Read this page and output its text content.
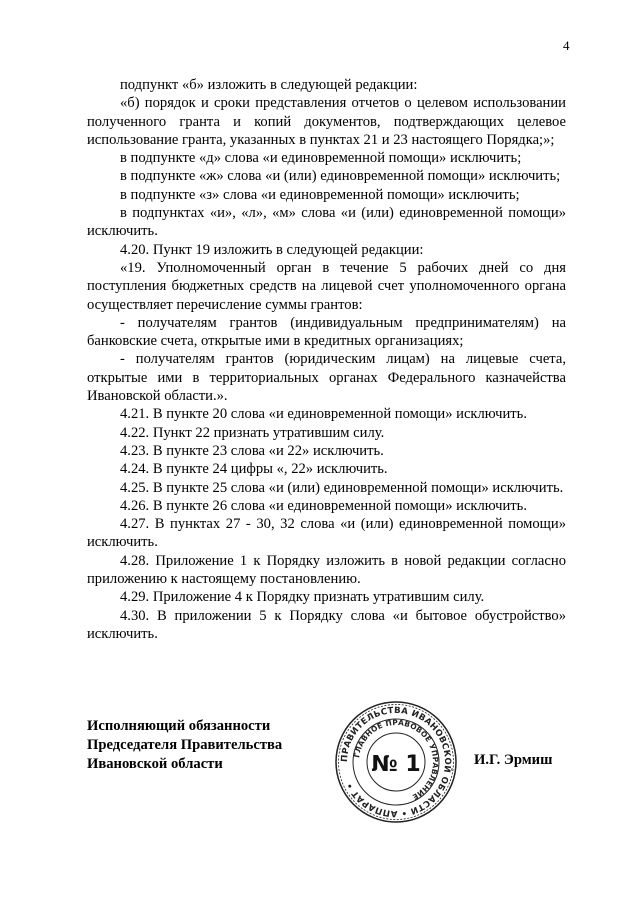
4

подпункт «б» изложить в следующей редакции:

«б) порядок и сроки представления отчетов о целевом использовании полученного гранта и копий документов, подтверждающих целевое использование гранта, указанных в пунктах 21 и 23 настоящего Порядка;»;

в подпункте «д» слова «и единовременной помощи» исключить;

в подпункте «ж» слова «и (или) единовременной помощи» исключить;

в подпункте «з» слова «и единовременной помощи» исключить;

в подпунктах «и», «л», «м» слова «и (или) единовременной помощи» исключить.

4.20. Пункт 19 изложить в следующей редакции:

«19. Уполномоченный орган в течение 5 рабочих дней со дня поступления бюджетных средств на лицевой счет уполномоченного органа осуществляет перечисление суммы грантов:

- получателям грантов (индивидуальным предпринимателям) на банковские счета, открытые ими в кредитных организациях;

- получателям грантов (юридическим лицам) на лицевые счета, открытые ими в территориальных органах Федерального казначейства Ивановской области.».

4.21. В пункте 20 слова «и единовременной помощи» исключить.

4.22. Пункт 22 признать утратившим силу.

4.23. В пункте 23 слова «и 22» исключить.

4.24. В пункте 24 цифры «, 22» исключить.

4.25. В пункте 25 слова «и (или) единовременной помощи» исключить.

4.26. В пункте 26 слова «и единовременной помощи» исключить.

4.27. В пунктах 27 - 30, 32 слова «и (или) единовременной помощи» исключить.

4.28. Приложение 1 к Порядку изложить в новой редакции согласно приложению к настоящему постановлению.

4.29. Приложение 4 к Порядку признать утратившим силу.

4.30. В приложении 5 к Порядку слова «и бытовое обустройство» исключить.

Исполняющий обязанности
Председателя Правительства
Ивановской области	ПРАВИТЕЛЬСТВА ИВАНОВСКОЙ ОБЛАСТИ • АППАРАТ •
ГЛАВНОЕ ПРАВОВОЕ УПРАВЛЕНИЕ
№ 1	И.Г. Эрмиш
